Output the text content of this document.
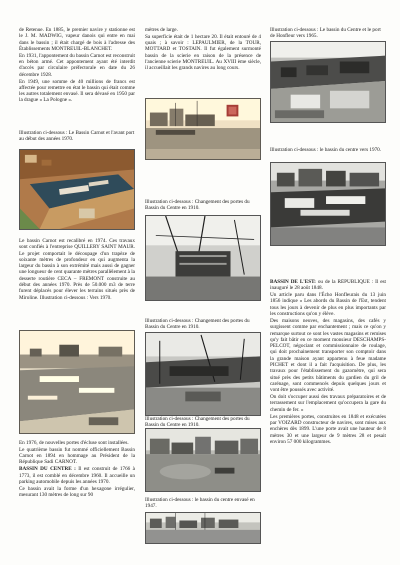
de Retenue. En 1885, le premier navire y stationne est le J. M. MADWIG, vapeur danois qui entre en mai dans le bassin ; il était chargé de bois à l'adresse des Établissements MONTREUIL-BLANCHET.

En 1931, l'appontement du bassin Carnot est reconstruit en béton armé. Cet appontement ayant été interdit d'accès par circulaire préfectorale en date du 26 décembre 1928.

En 1949, une somme de 40 millions de francs est affectée pour remettre en état le bassin qui était comme les autres totalement envasé. Il sera dévasé en 1950 par la drague « La Pologne ».

Illustration ci-dessous : Le Bassin Carnot et l'avant port au début des années 1970.

Le bassin Carnot est recalibré en 1974. Ces travaux sont confiés à l'entreprise QUILLERY SAINT MAUR. Le projet comportait le découpage d'un trapèze de soixante mètres de profondeur en qui augmenta la largeur du bassin à son extrémité mais aussi de gagner une longueur de cent quarante mètres parallèlement à la desserte routière CECA – FREMONT construite au début des années 1970. Près de 50.000 m3 de terre furent déplacés pour élever les terrains situés près de Miroline. Illustration ci-dessous : Vers 1970.

En 1976, de nouvelles portes d'écluse sont installées.

Le quatrième bassin fut nommé officiellement Bassin Carnot en 1894 en hommage au Président de la République Sadi CARNOT.

BASSIN DU CENTRE : Il est construit de 1766 à 1773, il est comblé en décembre 1960. Il accueille un parking automobile depuis les années 1970.

Ce bassin avait la forme d'un hexagone irrégulier, mesurant 130 mètres de long sur 90

mètres de large.

Sa superficie était de 1 hectare 20. Il était entouré de 4 quais ; à savoir : LEPAULMIER, de la TOUR, MOTTARD et TOSTAIN. Il fut également surmonté bassin de la scierie en raison de la présence de l'ancienne scierie MONTREUIL. Au XVIII ème siècle, il accueillait les grands navires au long cours.

Illustration ci-dessous : Changement des portes du Bassin du Centre en 1910.

Illustration ci-dessous : Changement des portes du Bassin du Centre en 1910.

Illustration ci-dessous : Changement des portes du Bassin du Centre en 1910.

Illustration ci-dessous : le bassin du centre envasé en 1947.

Illustration ci-dessous : Le bassin du Centre et le port de Honfleur vers 1965.

Illustration ci-dessous : le bassin du centre vers 1970.

BASSIN DE L'EST: ou de la RÉPUBLIQUE : Il est inauguré le 28 août 1848.

Un article paru dans l'Écho Honfleurais du 13 juin 1856 indique « Les abords du Bassin de l'Est, tendent tous les jours à devenir de plus en plus importants par les constructions qu'on y élève.

Des maisons neuves, des magasins, des cafés y surgissent comme par enchantement ; mais ce qu'on y remarque surtout ce sont les vastes magasins et remises qu'y fait bâtir en ce moment monsieur DESCHAMPS-PELCOT, négociant et commissionnaire de roulage, qui doit prochainement transporter son comptoir dans la grande maison ayant appartenu à feue madame PICHET et dont il a fait l'acquisition. De plus, les travaux pour l'établissement du gazomètre, qui sera situé près des petits bâtiments du gardien du gril de carénage, sont commencés depuis quelques jours et vont être poussés avec activité.

On doit s'occuper aussi des travaux préparatoires et de terrassement sur l'emplacement qu'occupera la gare du chemin de fer. »

Les premières portes, construites en 1848 et exécutées par VOIZARD constructeur de navires, sont mises aux enchères dès 1899. L'une porte avait une hauteur de 8 mètres 30 et une largeur de 9 mètres 28 et pesait environ 57 000 kilogrammes.
